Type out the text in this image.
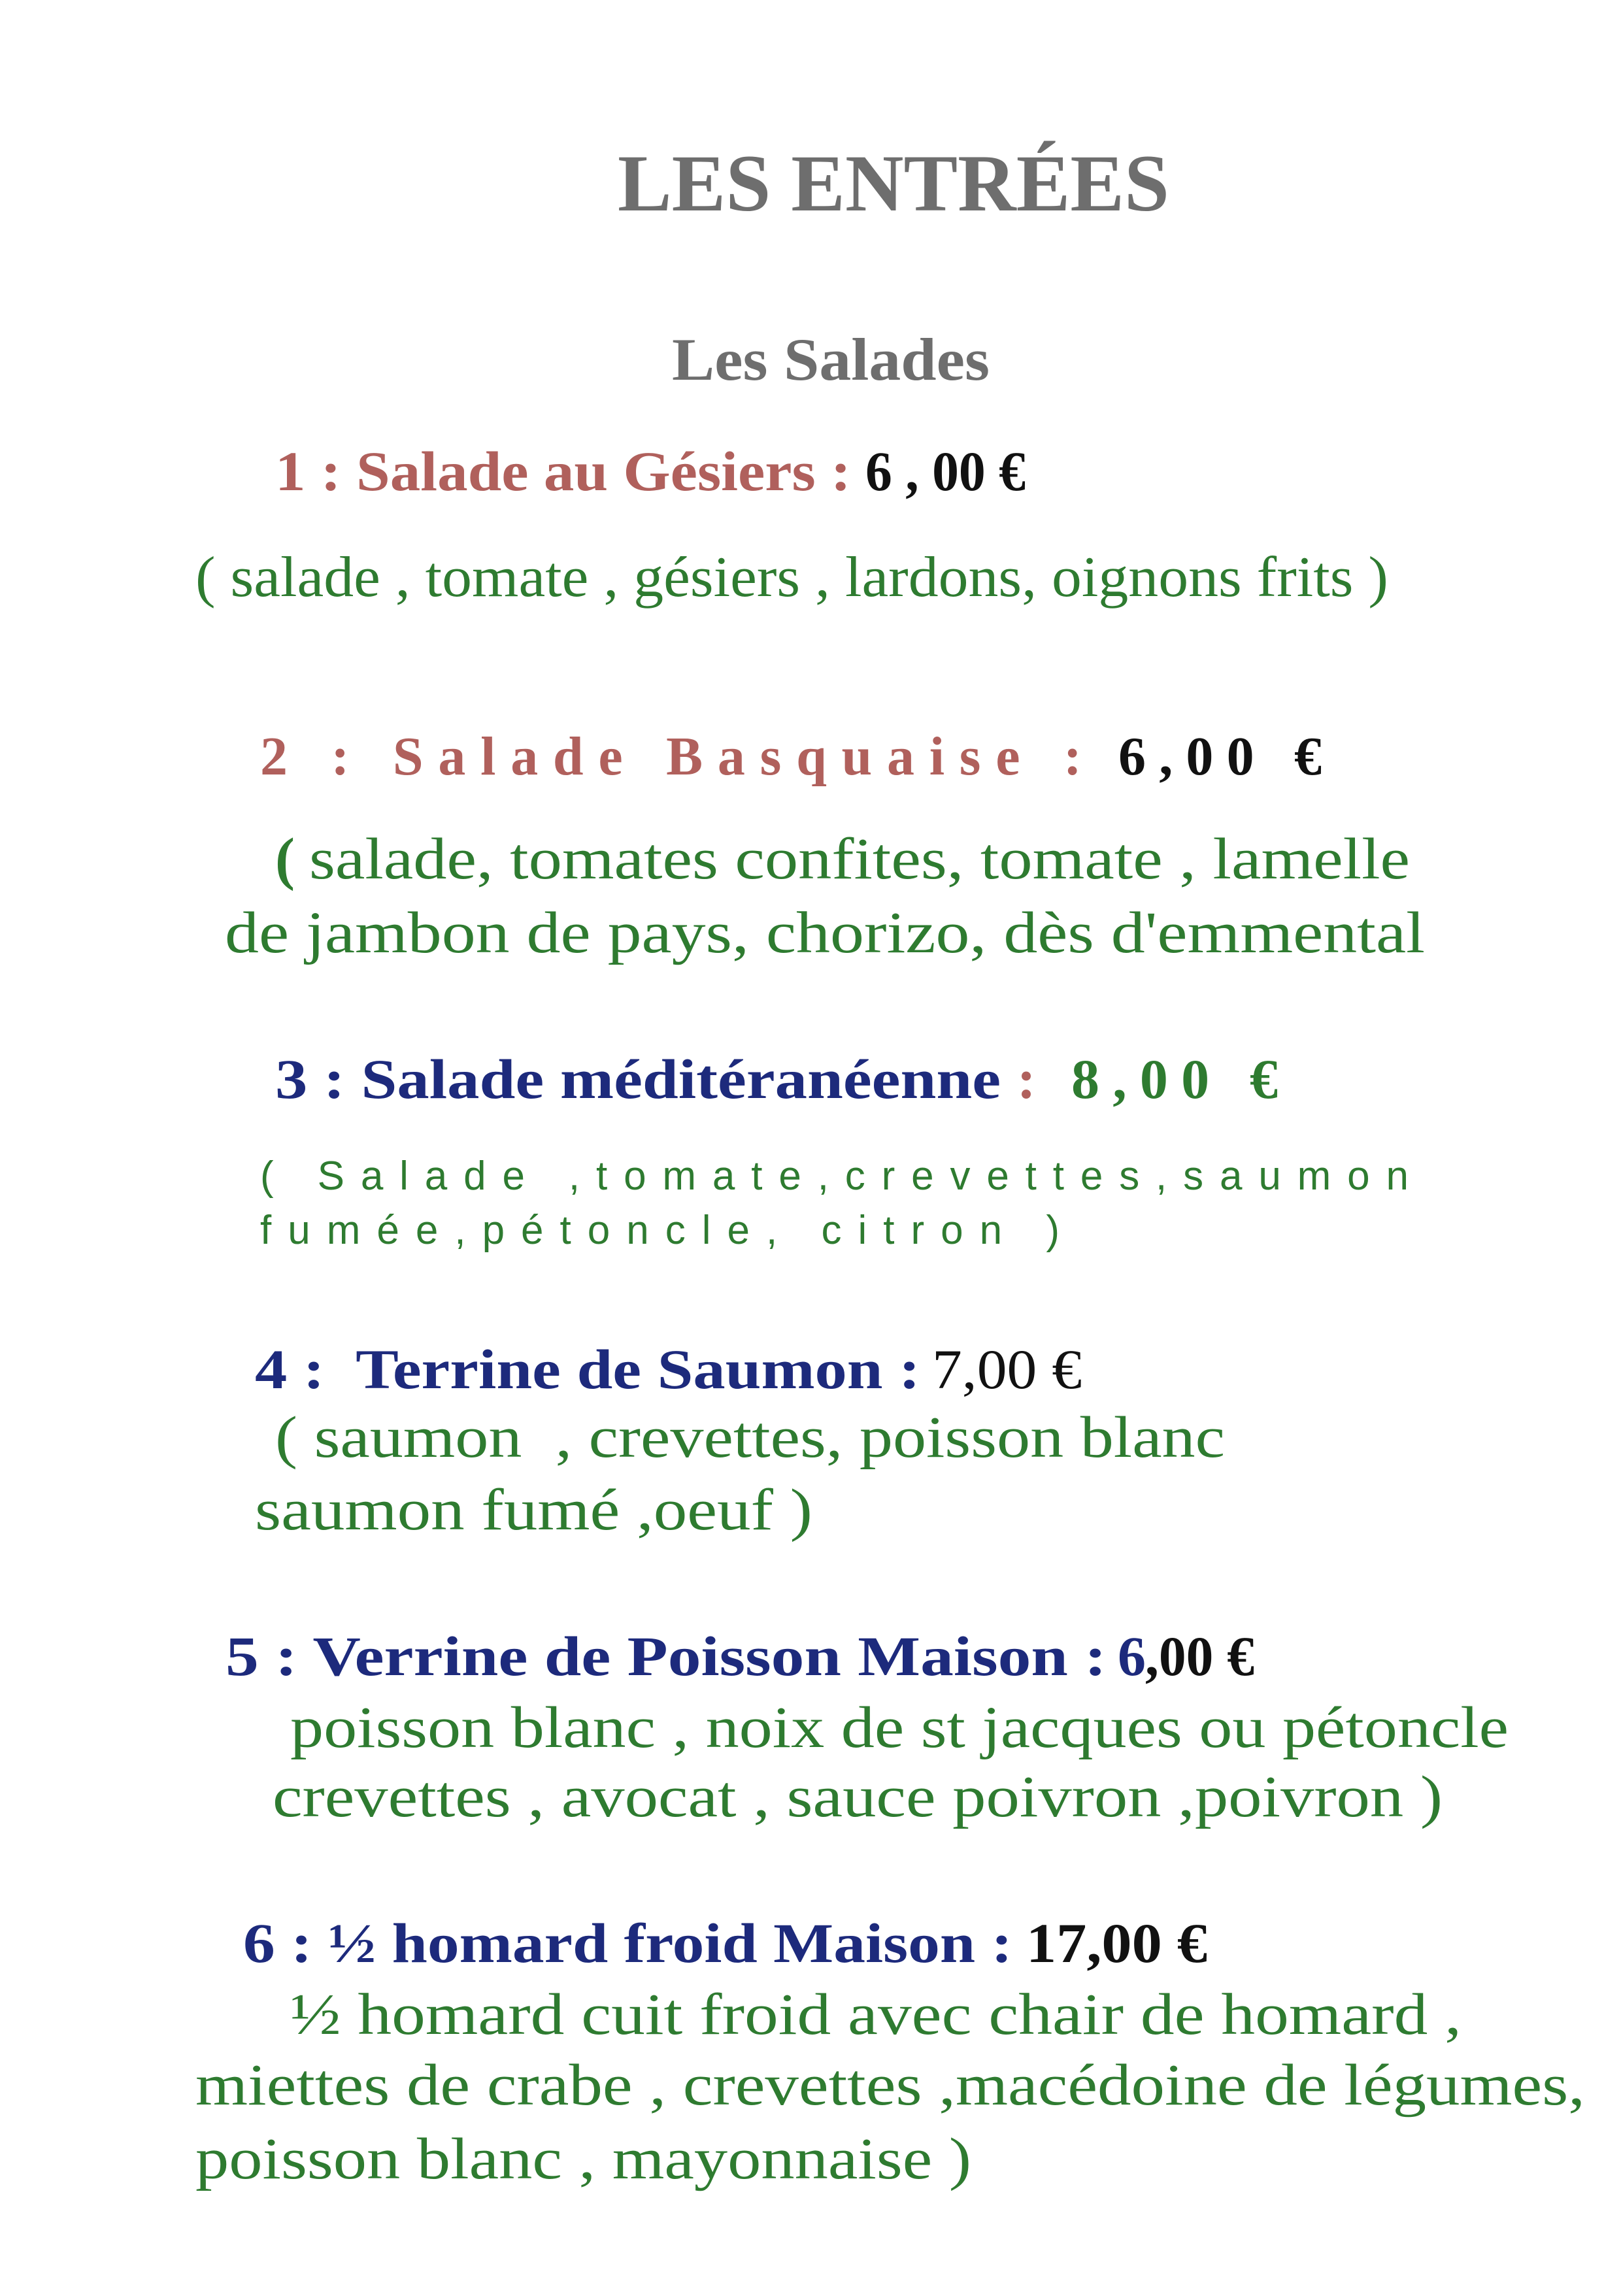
LES ENTRÉES
Les Salades
1 : Salade au Gésiers : 6 , 00 €
( salade , tomate , gésiers , lardons, oignons frits )
2 : Salade Basquaise : 6,00 €
( salade, tomates confites, tomate , lamelle
de jambon de pays, chorizo, dès d'emmental
3 : Salade méditéranéenne : 8,00 €
( Salade ,tomate,crevettes,saumon
fumée,pétoncle, citron )
4 :  Terrine de Saumon : 7,00 €
( saumon  , crevettes, poisson blanc
saumon fumé ,oeuf )
5 : Verrine de Poisson Maison : 6 ,00 €
poisson blanc , noix de st jacques ou pétoncle
crevettes , avocat , sauce poivron ,poivron )
6 : ½ homard froid Maison : 17,00 €
½ homard cuit froid avec chair de homard ,
miettes de crabe , crevettes ,macédoine de légumes,
poisson blanc , mayonnaise )
